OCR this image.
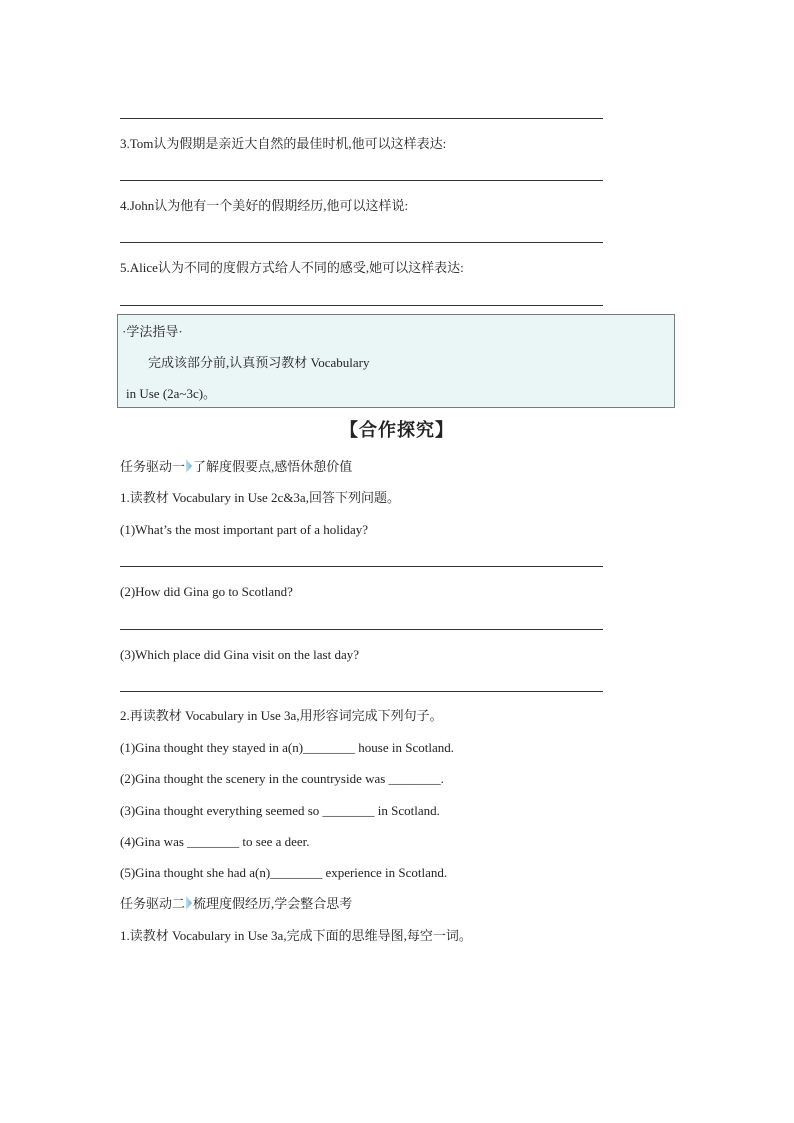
3.Tom认为假期是亲近大自然的最佳时机,他可以这样表达:
4.John认为他有一个美好的假期经历,他可以这样说:
5.Alice认为不同的度假方式给人不同的感受,她可以这样表达:
·学法指导·
完成该部分前,认真预习教材 Vocabulary
in Use (2a~3c)。
【合作探究】
任务驱动一 了解度假要点,感悟休憩价值
1.读教材 Vocabulary in Use 2c&3a,回答下列问题。
(1)What’s the most important part of a holiday?
(2)How did Gina go to Scotland?
(3)Which place did Gina visit on the last day?
2.再读教材 Vocabulary in Use 3a,用形容词完成下列句子。
(1)Gina thought they stayed in a(n)________ house in Scotland.
(2)Gina thought the scenery in the countryside was ________.
(3)Gina thought everything seemed so ________ in Scotland.
(4)Gina was ________ to see a deer.
(5)Gina thought she had a(n)________ experience in Scotland.
任务驱动二 梳理度假经历,学会整合思考
1.读教材 Vocabulary in Use 3a,完成下面的思维导图,每空一词。
